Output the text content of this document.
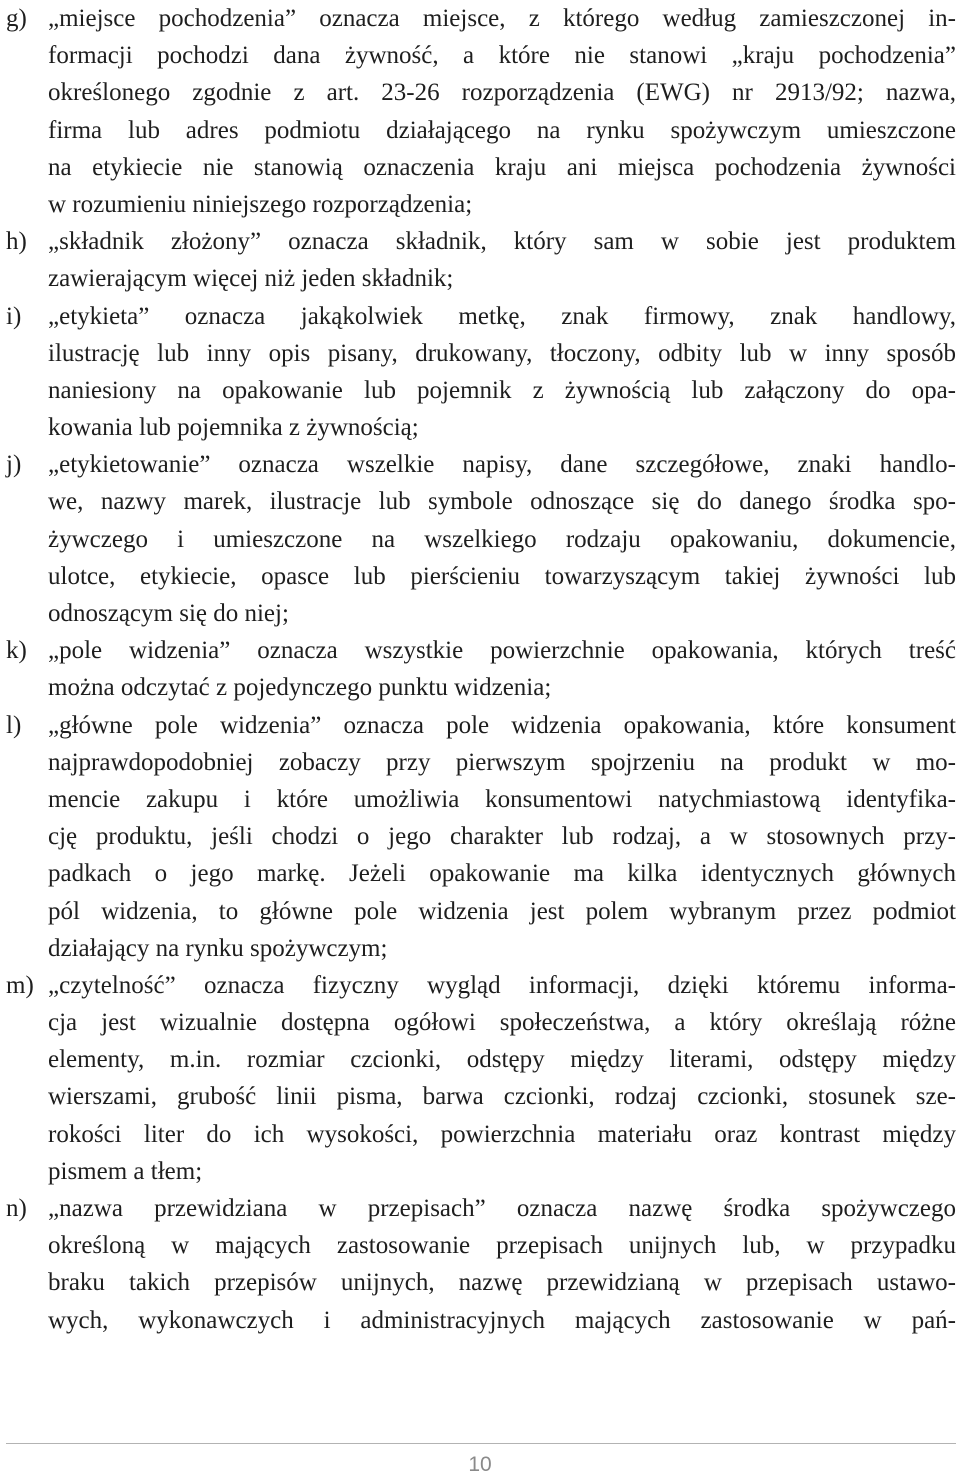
g) „miejsce pochodzenia” oznacza miejsce, z którego według zamieszczonej in-
formacji pochodzi dana żywność, a które nie stanowi „kraju pochodzenia”
określonego zgodnie z art. 23-26 rozporządzenia (EWG) nr 2913/92; nazwa,
firma lub adres podmiotu działającego na rynku spożywczym umieszczone
na etykiecie nie stanowią oznaczenia kraju ani miejsca pochodzenia żywności
w rozumieniu niniejszego rozporządzenia;
h) „składnik złożony” oznacza składnik, który sam w sobie jest produktem
zawierającym więcej niż jeden składnik;
i)	„etykieta” oznacza jakąkolwiek metkę, znak firmowy, znak handlowy,
ilustrację lub inny opis pisany, drukowany, tłoczony, odbity lub w inny sposób
naniesiony na opakowanie lub pojemnik z żywnością lub załączony do opa-
kowania lub pojemnika z żywnością;
j)	„etykietowanie” oznacza wszelkie napisy, dane szczegółowe, znaki handlo-
we, nazwy marek, ilustracje lub symbole odnoszące się do danego środka spo-
żywczego i umieszczone na wszelkiego rodzaju opakowaniu, dokumencie,
ulotce, etykiecie, opasce lub pierścieniu towarzyszącym takiej żywności lub
odnoszącym się do niej;
k) „pole widzenia” oznacza wszystkie powierzchnie opakowania, których treść
można odczytać z pojedynczego punktu widzenia;
l)	„główne pole widzenia” oznacza pole widzenia opakowania, które konsument
najprawdopodobniej zobaczy przy pierwszym spojrzeniu na produkt w mo-
mencie zakupu i które umożliwia konsumentowi natychmiastową identyfika-
cję produktu, jeśli chodzi o jego charakter lub rodzaj, a w stosownych przy-
padkach o jego markę. Jeżeli opakowanie ma kilka identycznych głównych
pól widzenia, to główne pole widzenia jest polem wybranym przez podmiot
działający na rynku spożywczym;
m) „czytelność” oznacza fizyczny wygląd informacji, dzięki któremu informa-
cja jest wizualnie dostępna ogółowi społeczeństwa, a który określają różne
elementy, m.in. rozmiar czcionki, odstępy między literami, odstępy między
wierszami, grubość linii pisma, barwa czcionki, rodzaj czcionki, stosunek sze-
rokości liter do ich wysokości, powierzchnia materiału oraz kontrast między
pismem a tłem;
n) „nazwa przewidziana w przepisach” oznacza nazwę środka spożywczego
określoną w mających zastosowanie przepisach unijnych lub, w przypadku
braku takich przepisów unijnych, nazwę przewidzianą w przepisach ustawo-
wych, wykonawczych i administracyjnych mających zastosowanie w pań-
10
